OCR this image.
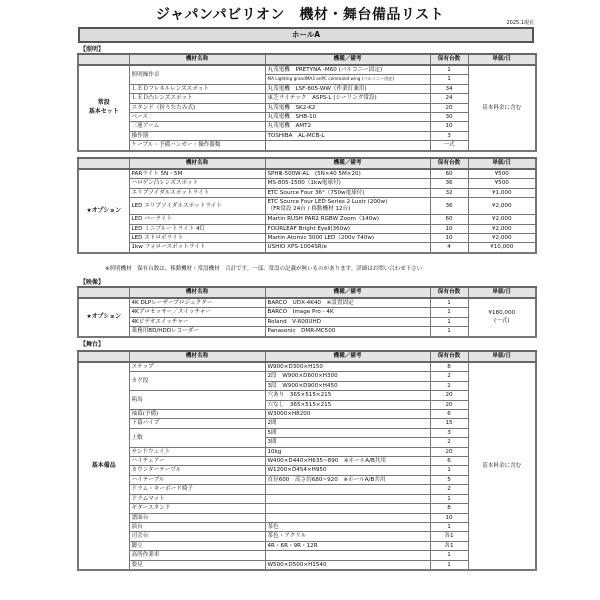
ジャパンパビリオン　機材・舞台備品リスト	2025.1現在
ホールA
【照明】
	機材名称	機種／備考	保有台数	単価/日
常設
基本セット	照明操作卓	丸茂電機　PRETYNA -M60 (バルコニー固定)	1	基本料金に含む
		MA Lighting grandMA3 onPC command wing (バルコニー固定)	1	
	ＬＥＤフレネルレンズスポット	丸茂電機　LSF-805-WW（作業灯兼用)	34	
	ＬＥＤ凸レンズスポット	東芝ライテック　ASPS-L (シーリング常設)	24	
	スタンド（折りたたみ式)	丸茂電機　SK2-K2	20	
	ベース	丸茂電機　SHB-10	30	
	三連アーム	丸茂電機　AMT2	10	
	操作器	TOSHIBA　AL-MCB-L	3	
	ケーブル・予備ハンガー・操作器類		一式	
	機材名称	機種／備考	保有台数	単価/日
★オプション	PARライト 5N・5M	SPHⅢ-500W-AL　(5N×40 5M×20)	60	¥500
	ハロゲン凸レンズスポット	MS-805-1500（1kw電球付)	36	¥500
	エリプソイダルスポットライト	ETC Source Four 36°（750w電球付)	32	¥1,000
	LED エリプソイダルスポットライト	ETC Source Four LED Series 2 Lustr (200w)
（FR常設 24台 / 移動機材 12台)	36	¥2,000
	LED パーライト	Martin RUSH PAR2 RGBW Zoom（140w)	60	¥2,000
	LED ミニブルートライト 4灯	FOURLEAF Bright EyeⅡ(360w)	10	¥2,000
	LED ストロボライト	Martin Atomic 3000 LED（200v 740w)	10	¥2,000
	1kw フォロースポットライト	USHIO XPS-1004SR/e	4	¥10,000
※照明機材　保有台数は、移動機材・常設機材　合計です。一部、常設の記載が無いものがあります。詳細はお問い合わせ下さい
【映像】
	機材名称	機種／備考	保有台数	単価/日
★オプション	4K DLPレーザープロジェクター	BARCO　UDX-4K40　※設置固定	1	¥180,000
(一式)
	4Kプロセッサー／スイッチャー	BARCO　Image Pro - 4K	1	
	4Kビデオスイッチャー	Roland　V-600UHD	1	
	業務用BD/HDDレコーダー	Panasonic　DMR-MC500	1	
【舞台】
	機材名称	機種／備考	保有台数	単価/日
基本備品	ステップ	W900×D300×H150	8	基本料金に含む
	カグ段	2段　W900×D600×H300	2	
		3段　W900×D900×H450	2	
	箱馬	穴あり　365×515×215	20	
		穴なし　365×515×215	20	
	袖幕(予備)	W3000×H8200	6	
	下幕パイプ	2間	15	
	上敷	5間	3	
		3間	2	
	サンドウェイト	10kg	20	
	ハイチェアー	W400×D440×H635~890　※ホールA/B共用	6	
	カウンターテーブル	W1200×D454×H950	1	
	ハイテーブル	直径600　高さ約680~920　※ホールA/B共用	5	
	ドラム・キーボード椅子		2	
	ドラムマット		1	
	ギタースタンド		8	
	譜面台		10	
	演台	茶色	1	
	司会台	茶色・アクリル	各1	
	脚立	4R・6R・9R・12R	各1	
	高所作業車		1	
	姿見	W500×D500×H1540	1	
